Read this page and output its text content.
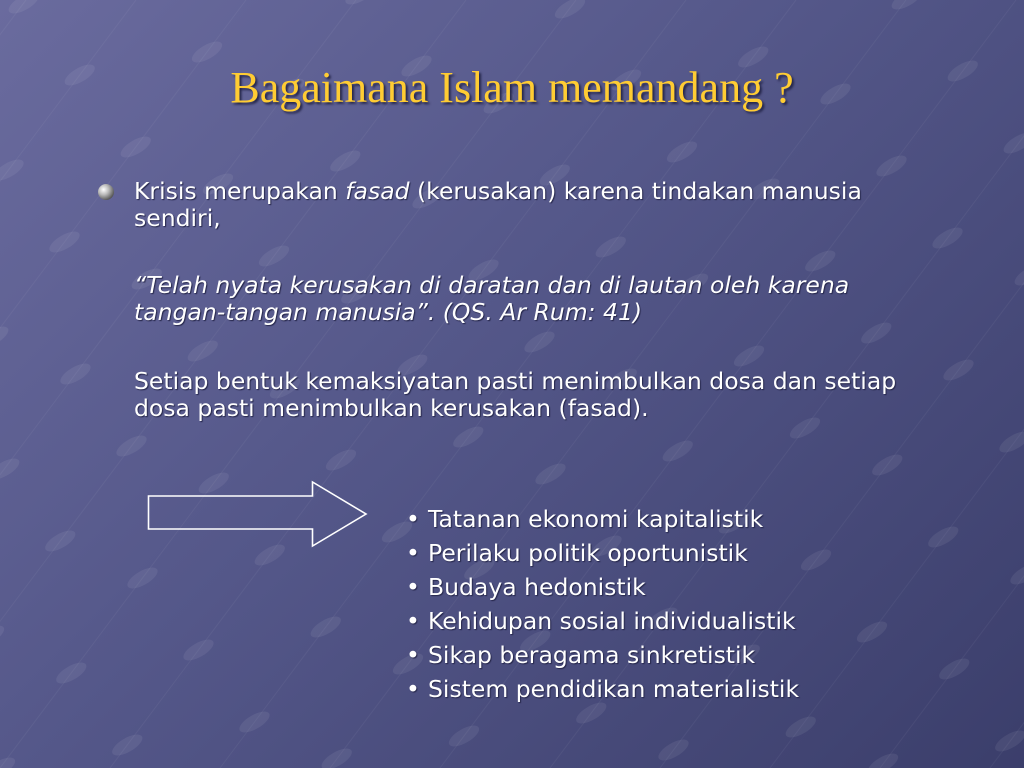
Bagaimana Islam memandang ?

Krisis merupakan fasad (kerusakan) karena tindakan manusia sendiri,

“Telah nyata kerusakan di daratan dan di lautan oleh karena tangan-tangan manusia”. (QS. Ar Rum: 41)

Setiap bentuk kemaksiyatan pasti menimbulkan dosa dan setiap dosa pasti menimbulkan kerusakan (fasad).

• Tatanan ekonomi kapitalistik
• Perilaku politik oportunistik
• Budaya hedonistik
• Kehidupan sosial individualistik
• Sikap beragama sinkretistik
• Sistem pendidikan materialistik
